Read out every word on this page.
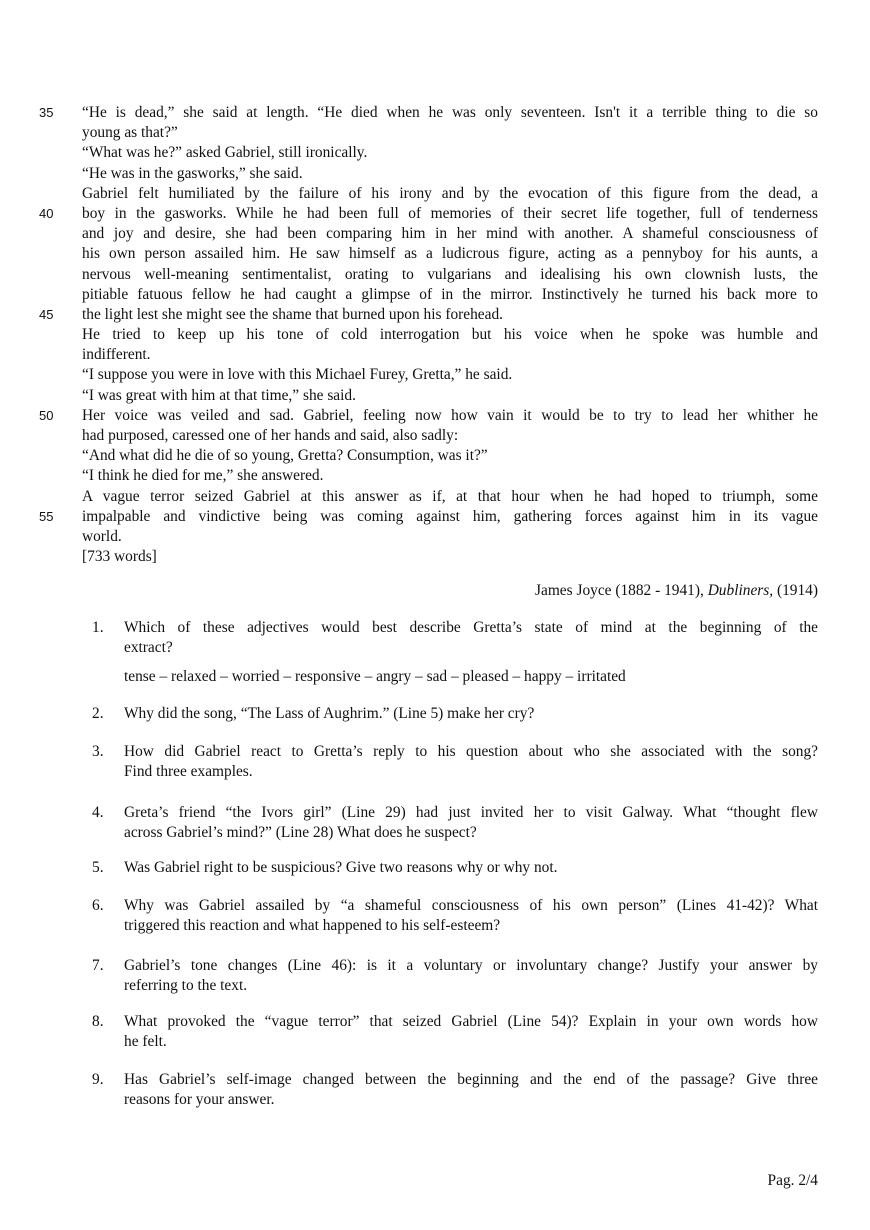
35	“He is dead,” she said at length. “He died when he was only seventeen. Isn't it a terrible thing to die so
young as that?”
“What was he?” asked Gabriel, still ironically.
“He was in the gasworks,” she said.
Gabriel felt humiliated by the failure of his irony and by the evocation of this figure from the dead, a
40	boy in the gasworks. While he had been full of memories of their secret life together, full of tenderness
and joy and desire, she had been comparing him in her mind with another. A shameful consciousness of
his own person assailed him. He saw himself as a ludicrous figure, acting as a pennyboy for his aunts, a
nervous well-meaning sentimentalist, orating to vulgarians and idealising his own clownish lusts, the
pitiable fatuous fellow he had caught a glimpse of in the mirror. Instinctively he turned his back more to
45	the light lest she might see the shame that burned upon his forehead.
He tried to keep up his tone of cold interrogation but his voice when he spoke was humble and
indifferent.
“I suppose you were in love with this Michael Furey, Gretta,” he said.
“I was great with him at that time,” she said.
50	Her voice was veiled and sad. Gabriel, feeling now how vain it would be to try to lead her whither he
had purposed, caressed one of her hands and said, also sadly:
“And what did he die of so young, Gretta? Consumption, was it?”
“I think he died for me,” she answered.
A vague terror seized Gabriel at this answer as if, at that hour when he had hoped to triumph, some
55	impalpable and vindictive being was coming against him, gathering forces against him in its vague
world.
[733 words]
James Joyce (1882 - 1941), Dubliners, (1914)
1.	Which of these adjectives would best describe Gretta’s state of mind at the beginning of the
extract?
tense – relaxed – worried – responsive – angry – sad – pleased – happy – irritated
2.	Why did the song, “The Lass of Aughrim.” (Line 5) make her cry?
3.	How did Gabriel react to Gretta’s reply to his question about who she associated with the song?
Find three examples.
4.	Greta’s friend “the Ivors girl” (Line 29) had just invited her to visit Galway. What “thought flew
across Gabriel’s mind?” (Line 28) What does he suspect?
5.	Was Gabriel right to be suspicious? Give two reasons why or why not.
6.	Why was Gabriel assailed by “a shameful consciousness of his own person” (Lines 41-42)? What
triggered this reaction and what happened to his self-esteem?
7.	Gabriel’s tone changes (Line 46): is it a voluntary or involuntary change? Justify your answer by
referring to the text.
8.	What provoked the “vague terror” that seized Gabriel (Line 54)? Explain in your own words how
he felt.
9.	Has Gabriel’s self-image changed between the beginning and the end of the passage? Give three
reasons for your answer.
Pag. 2/4
